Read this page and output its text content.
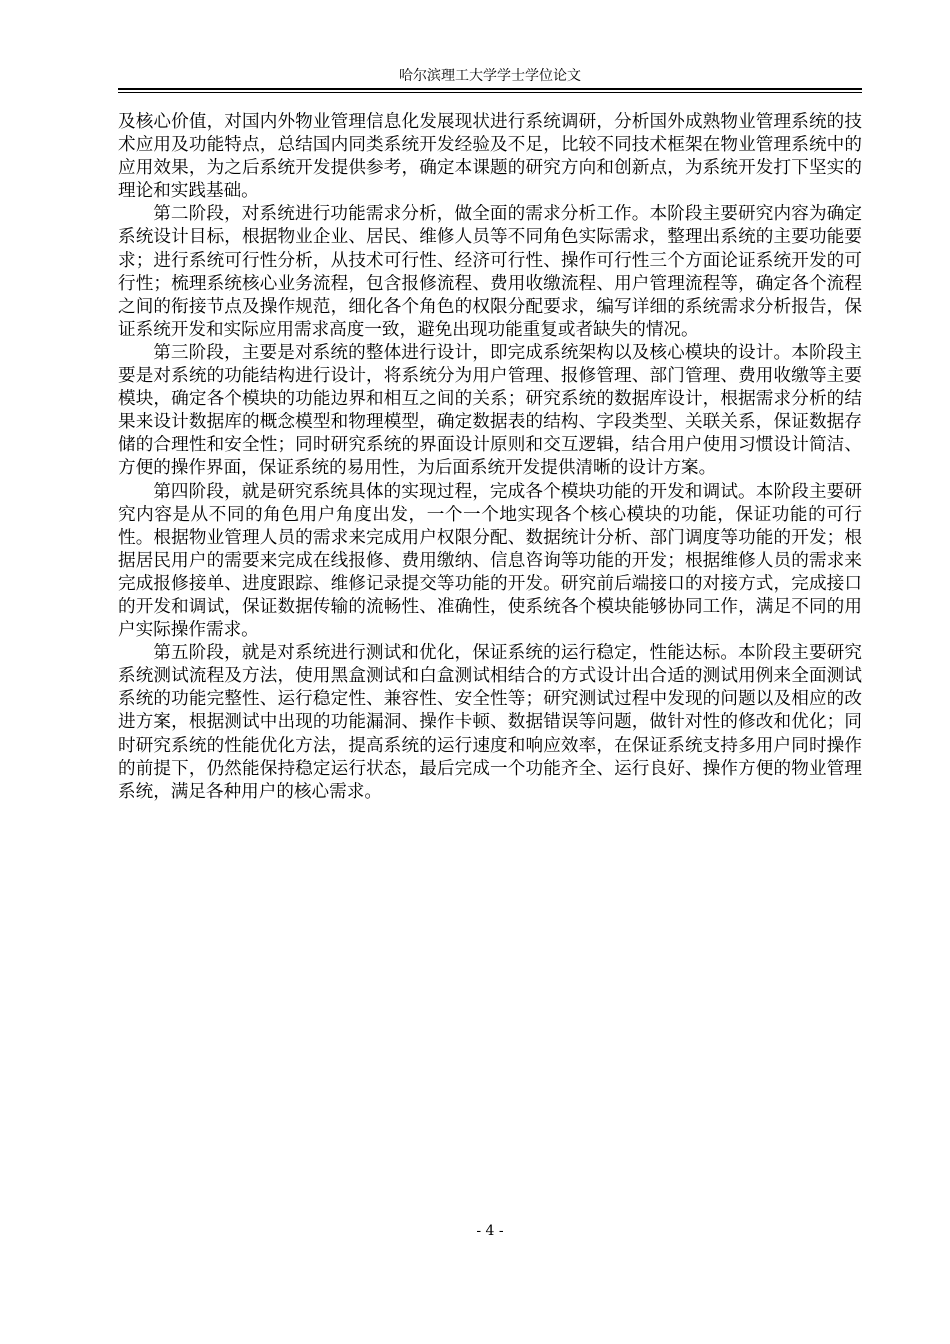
哈尔滨理工大学学士学位论文

及核心价值，对国内外物业管理信息化发展现状进行系统调研，分析国外成熟物业管理系统的技术应用及功能特点，总结国内同类系统开发经验及不足，比较不同技术框架在物业管理系统中的应用效果，为之后系统开发提供参考，确定本课题的研究方向和创新点，为系统开发打下坚实的理论和实践基础。

第二阶段，对系统进行功能需求分析，做全面的需求分析工作。本阶段主要研究内容为确定系统设计目标，根据物业企业、居民、维修人员等不同角色实际需求，整理出系统的主要功能要求；进行系统可行性分析，从技术可行性、经济可行性、操作可行性三个方面论证系统开发的可行性；梳理系统核心业务流程，包含报修流程、费用收缴流程、用户管理流程等，确定各个流程之间的衔接节点及操作规范，细化各个角色的权限分配要求，编写详细的系统需求分析报告，保证系统开发和实际应用需求高度一致，避免出现功能重复或者缺失的情况。

第三阶段，主要是对系统的整体进行设计，即完成系统架构以及核心模块的设计。本阶段主要是对系统的功能结构进行设计，将系统分为用户管理、报修管理、部门管理、费用收缴等主要模块，确定各个模块的功能边界和相互之间的关系；研究系统的数据库设计，根据需求分析的结果来设计数据库的概念模型和物理模型，确定数据表的结构、字段类型、关联关系，保证数据存储的合理性和安全性；同时研究系统的界面设计原则和交互逻辑，结合用户使用习惯设计简洁、方便的操作界面，保证系统的易用性，为后面系统开发提供清晰的设计方案。

第四阶段，就是研究系统具体的实现过程，完成各个模块功能的开发和调试。本阶段主要研究内容是从不同的角色用户角度出发，一个一个地实现各个核心模块的功能，保证功能的可行性。根据物业管理人员的需求来完成用户权限分配、数据统计分析、部门调度等功能的开发；根据居民用户的需要来完成在线报修、费用缴纳、信息咨询等功能的开发；根据维修人员的需求来完成报修接单、进度跟踪、维修记录提交等功能的开发。研究前后端接口的对接方式，完成接口的开发和调试，保证数据传输的流畅性、准确性，使系统各个模块能够协同工作，满足不同的用户实际操作需求。

第五阶段，就是对系统进行测试和优化，保证系统的运行稳定，性能达标。本阶段主要研究系统测试流程及方法，使用黑盒测试和白盒测试相结合的方式设计出合适的测试用例来全面测试系统的功能完整性、运行稳定性、兼容性、安全性等；研究测试过程中发现的问题以及相应的改进方案，根据测试中出现的功能漏洞、操作卡顿、数据错误等问题，做针对性的修改和优化；同时研究系统的性能优化方法，提高系统的运行速度和响应效率，在保证系统支持多用户同时操作的前提下，仍然能保持稳定运行状态，最后完成一个功能齐全、运行良好、操作方便的物业管理系统，满足各种用户的核心需求。

- 4 -
